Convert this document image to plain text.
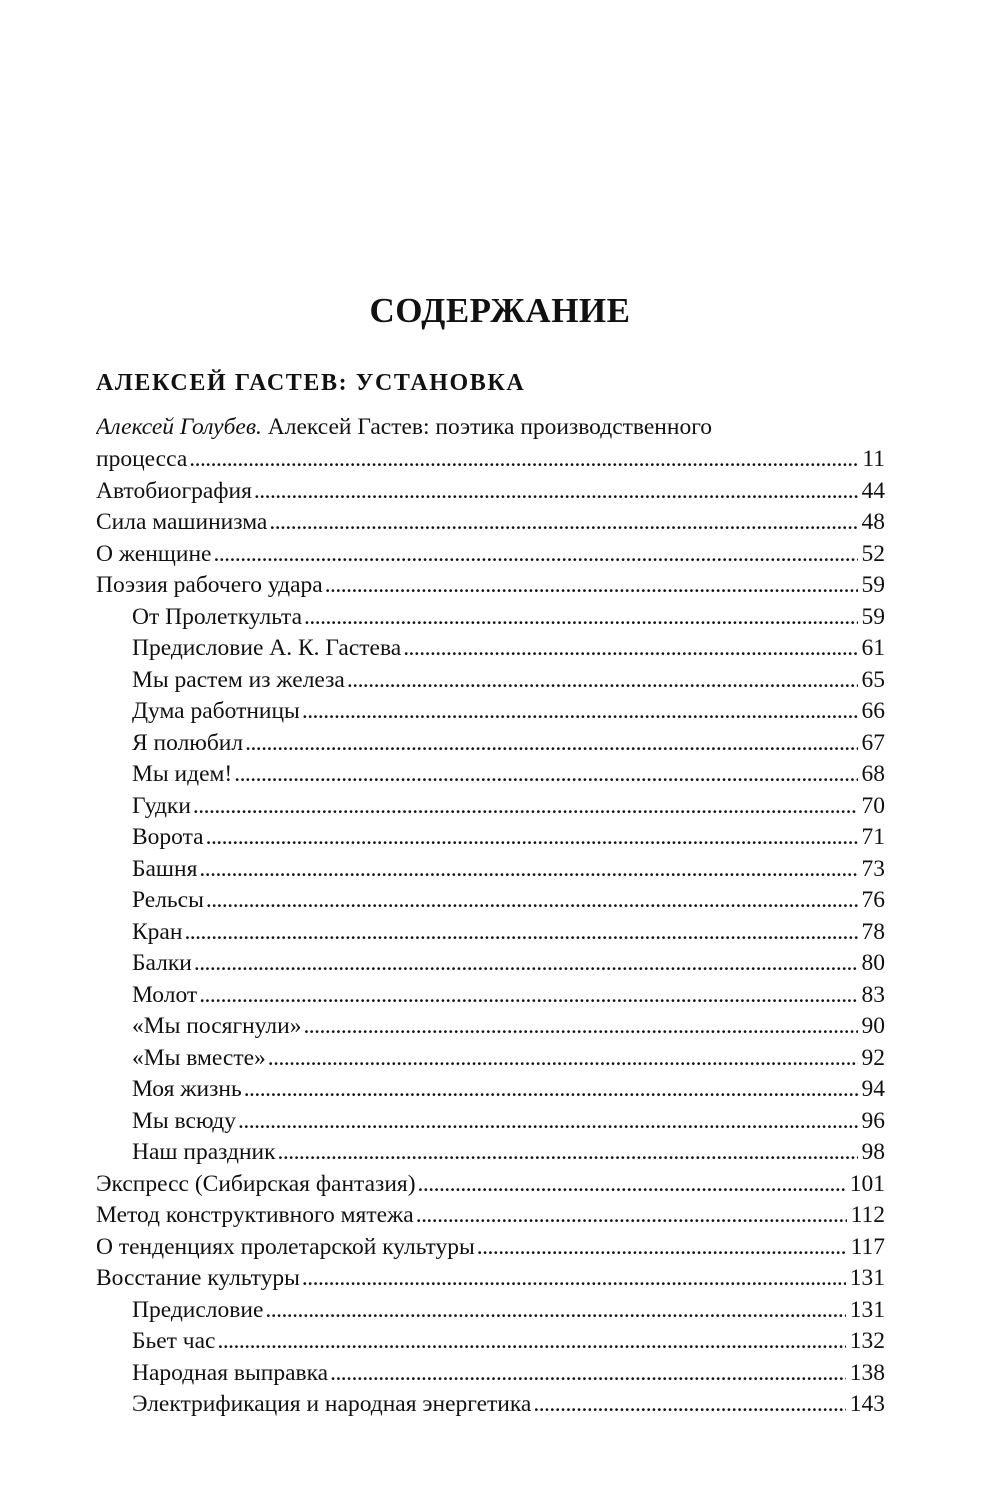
СОДЕРЖАНИЕ
АЛЕКСЕЙ ГАСТЕВ: УСТАНОВКА
Алексей Голубев. Алексей Гастев: поэтика производственного
процесса . . .	11
Автобиография . . .	44
Сила машинизма . . .	48
О женщине . . .	52
Поэзия рабочего удара . . .	59
От Пролеткульта . . .	59
Предисловие А. К. Гастева . . .	61
Мы растем из железа . . .	65
Дума работницы . . .	66
Я полюбил . . .	67
Мы идем! . . .	68
Гудки . . .	70
Ворота . . .	71
Башня . . .	73
Рельсы . . .	76
Кран . . .	78
Балки . . .	80
Молот . . .	83
«Мы посягнули» . . .	90
«Мы вместе» . . .	92
Моя жизнь . . .	94
Мы всюду . . .	96
Наш праздник . . .	98
Экспресс (Сибирская фантазия) . . .	101
Метод конструктивного мятежа . . .	112
О тенденциях пролетарской культуры . . .	117
Восстание культуры . . .	131
Предисловие . . .	131
Бьет час . . .	132
Народная выправка . . .	138
Электрификация и народная энергетика . . .	143
